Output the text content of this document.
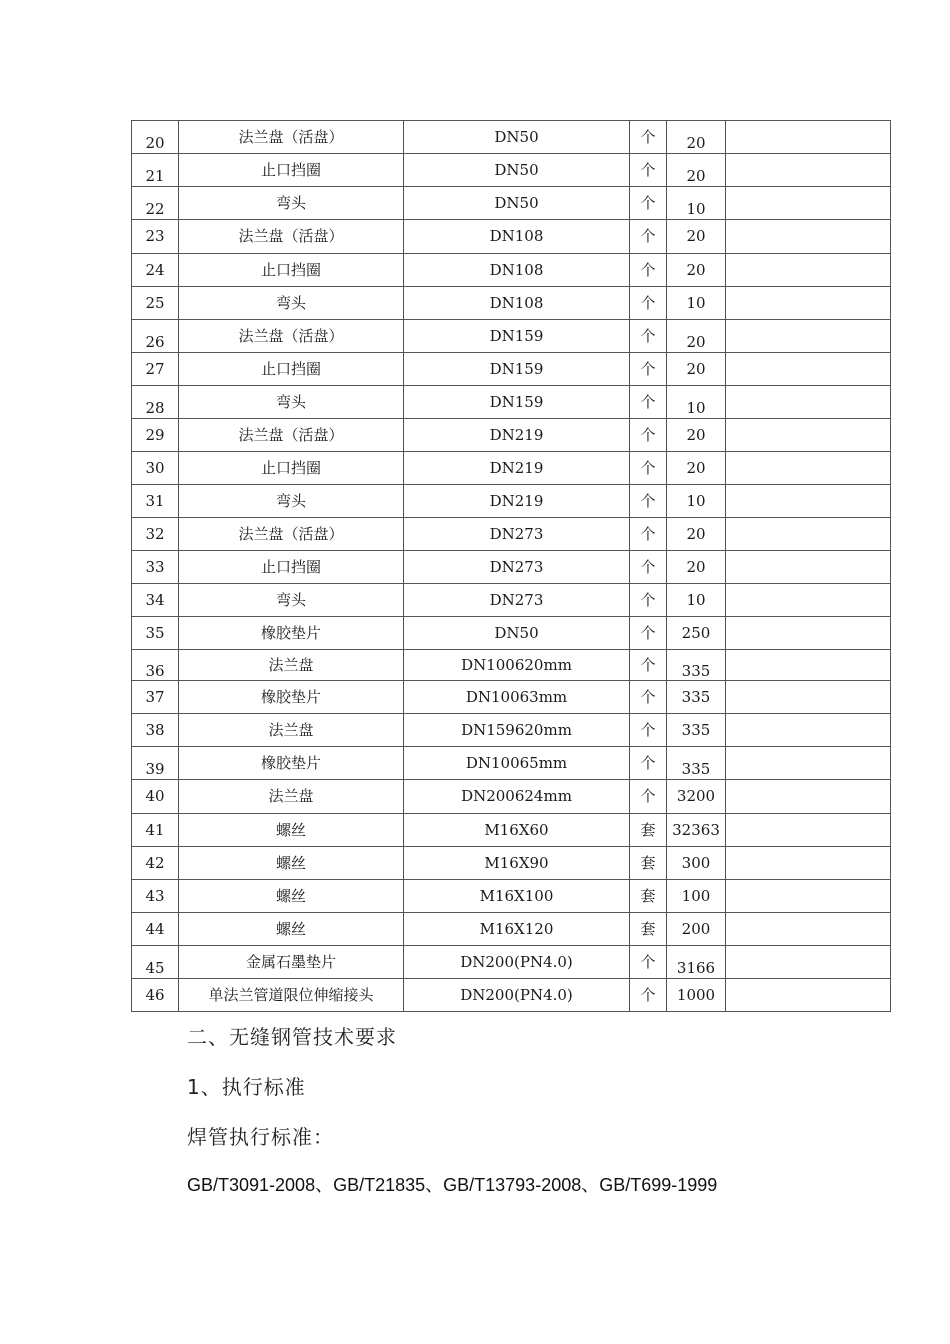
20	法兰盘（活盘）	DN50	个	20	
21	止口挡圈	DN50	个	20	
22	弯头	DN50	个	10	
23	法兰盘（活盘）	DN108	个	20	
24	止口挡圈	DN108	个	20	
25	弯头	DN108	个	10	
26	法兰盘（活盘）	DN159	个	20	
27	止口挡圈	DN159	个	20	
28	弯头	DN159	个	10	
29	法兰盘（活盘）	DN219	个	20	
30	止口挡圈	DN219	个	20	
31	弯头	DN219	个	10	
32	法兰盘（活盘）	DN273	个	20	
33	止口挡圈	DN273	个	20	
34	弯头	DN273	个	10	
35	橡胶垫片	DN50	个	250	
36	法兰盘	DN100620mm	个	335	
37	橡胶垫片	DN10063mm	个	335	
38	法兰盘	DN159620mm	个	335	
39	橡胶垫片	DN10065mm	个	335	
40	法兰盘	DN200624mm	个	3200	
41	螺丝	M16X60	套	32363	
42	螺丝	M16X90	套	300	
43	螺丝	M16X100	套	100	
44	螺丝	M16X120	套	200	
45	金属石墨垫片	DN200(PN4.0)	个	3166	
46	单法兰管道限位伸缩接头	DN200(PN4.0)	个	1000	
二、无缝钢管技术要求
1、执行标准
焊管执行标准：
GB/T3091-2008、GB/T21835、GB/T13793-2008、GB/T699-1999
